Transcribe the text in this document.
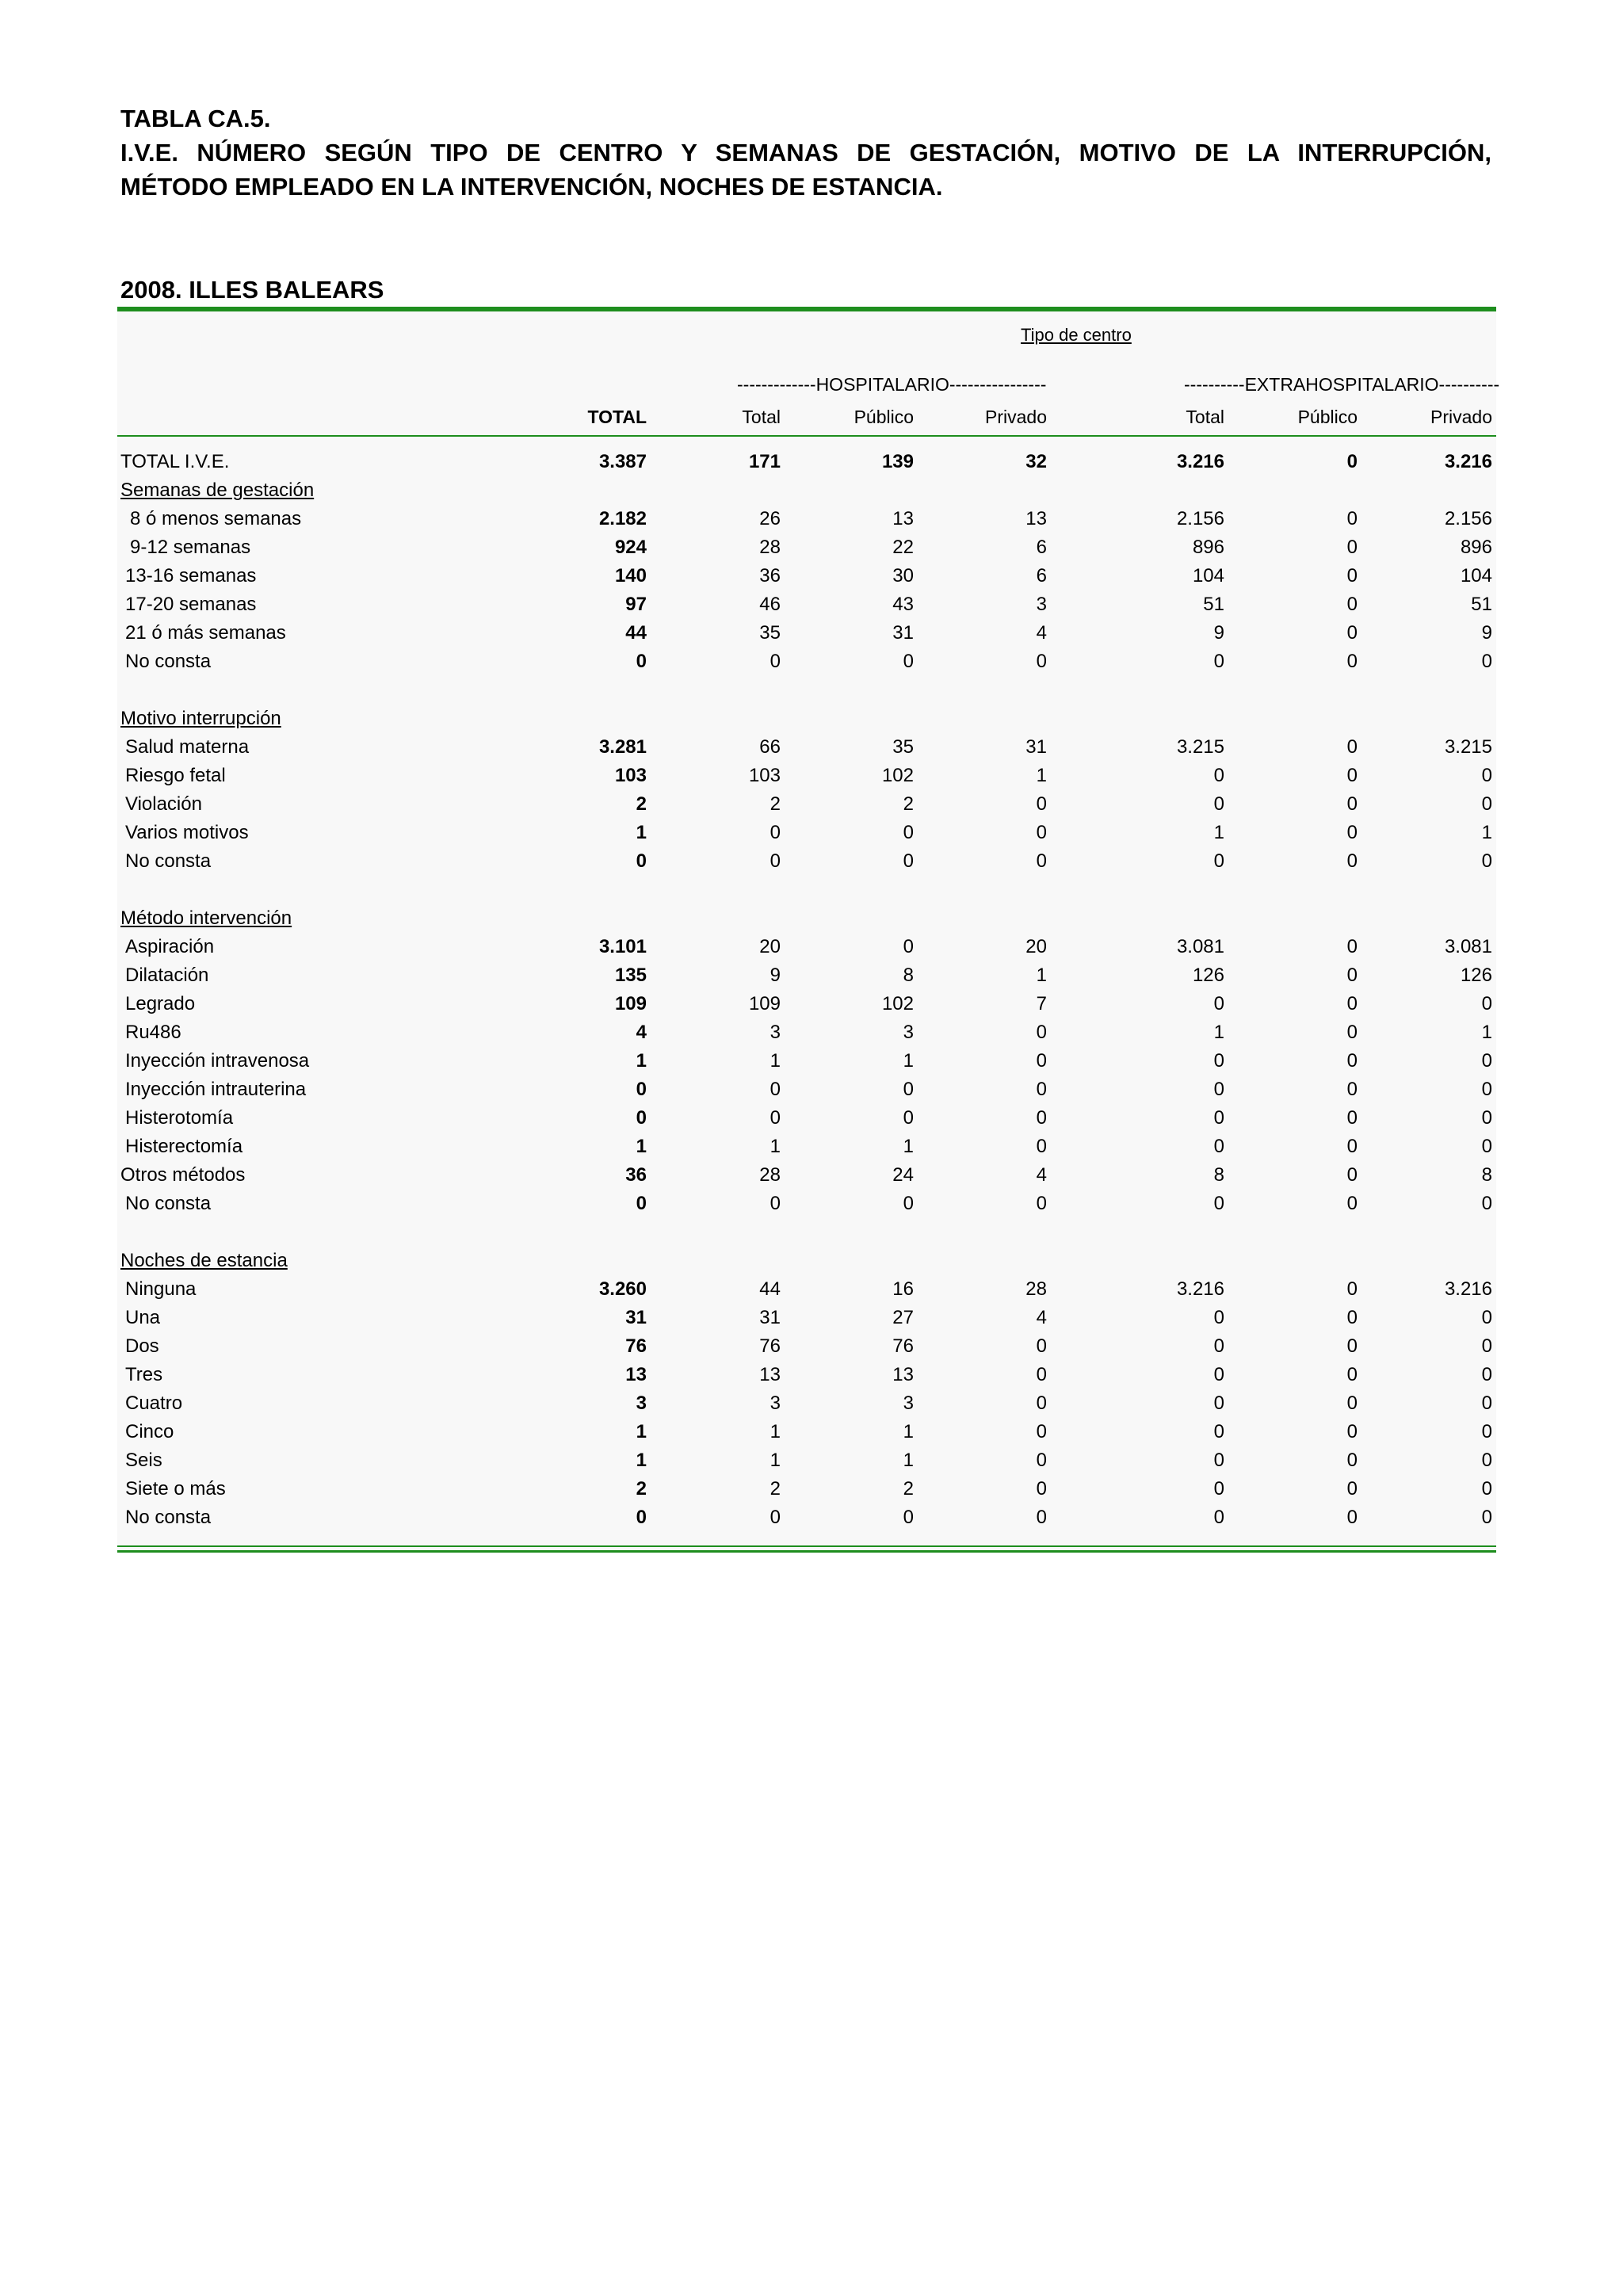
TABLA CA.5.
I.V.E. NÚMERO SEGÚN TIPO DE CENTRO Y SEMANAS DE GESTACIÓN, MOTIVO DE LA INTERRUPCIÓN,
MÉTODO EMPLEADO EN LA INTERVENCIÓN, NOCHES DE ESTANCIA.
2008. ILLES BALEARS
Tipo de centro
-------------HOSPITALARIO----------------	----------EXTRAHOSPITALARIO----------
TOTAL	Total	Público	Privado	Total	Público	Privado
TOTAL I.V.E.	3.387	171	139	32	3.216	0	3.216
Semanas de gestación
8 ó menos semanas	2.182	26	13	13	2.156	0	2.156
9-12 semanas	924	28	22	6	896	0	896
13-16 semanas	140	36	30	6	104	0	104
17-20 semanas	97	46	43	3	51	0	51
21 ó más semanas	44	35	31	4	9	0	9
No consta	0	0	0	0	0	0	0
Motivo interrupción
Salud materna	3.281	66	35	31	3.215	0	3.215
Riesgo fetal	103	103	102	1	0	0	0
Violación	2	2	2	0	0	0	0
Varios motivos	1	0	0	0	1	0	1
No consta	0	0	0	0	0	0	0
Método intervención
Aspiración	3.101	20	0	20	3.081	0	3.081
Dilatación	135	9	8	1	126	0	126
Legrado	109	109	102	7	0	0	0
Ru486	4	3	3	0	1	0	1
Inyección intravenosa	1	1	1	0	0	0	0
Inyección intrauterina	0	0	0	0	0	0	0
Histerotomía	0	0	0	0	0	0	0
Histerectomía	1	1	1	0	0	0	0
Otros métodos	36	28	24	4	8	0	8
No consta	0	0	0	0	0	0	0
Noches de estancia
Ninguna	3.260	44	16	28	3.216	0	3.216
Una	31	31	27	4	0	0	0
Dos	76	76	76	0	0	0	0
Tres	13	13	13	0	0	0	0
Cuatro	3	3	3	0	0	0	0
Cinco	1	1	1	0	0	0	0
Seis	1	1	1	0	0	0	0
Siete o más	2	2	2	0	0	0	0
No consta	0	0	0	0	0	0	0
